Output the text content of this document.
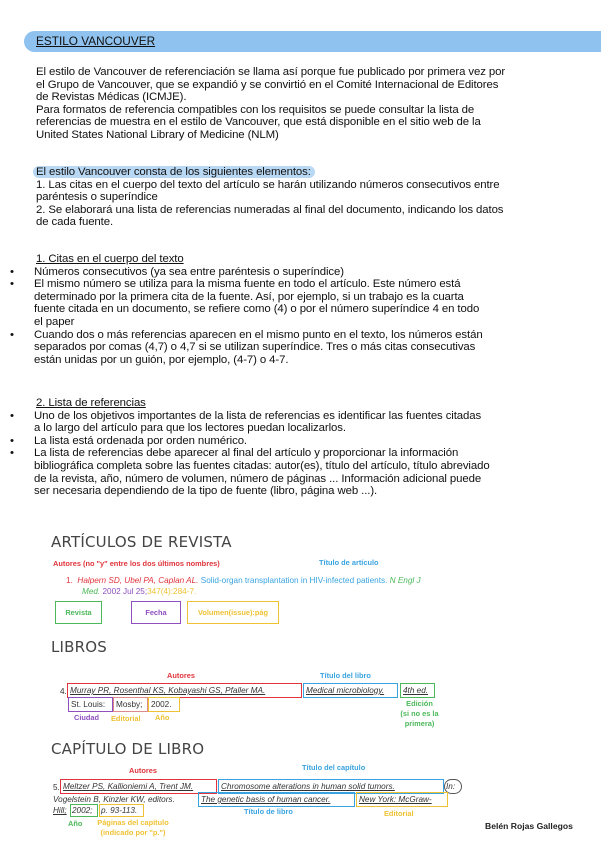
ESTILO VANCOUVER
El estilo de Vancouver de referenciación se llama así porque fue publicado por primera vez por
el Grupo de Vancouver, que se expandió y se convirtió en el Comité Internacional de Editores
de Revistas Médicas (ICMJE).
Para formatos de referencia compatibles con los requisitos se puede consultar la lista de
referencias de muestra en el estilo de Vancouver, que está disponible en el sitio web de la
United States National Library of Medicine (NLM)
El estilo Vancouver consta de los siguientes elementos:
1. Las citas en el cuerpo del texto del artículo se harán utilizando números consecutivos entre
paréntesis o superíndice
2. Se elaborará una lista de referencias numeradas al final del documento, indicando los datos
de cada fuente.
1. Citas en el cuerpo del texto
• Números consecutivos (ya sea entre paréntesis o superíndice)
• El mismo número se utiliza para la misma fuente en todo el artículo. Este número está
determinado por la primera cita de la fuente. Así, por ejemplo, si un trabajo es la cuarta
fuente citada en un documento, se refiere como (4) o por el número superíndice 4 en todo
el paper
• Cuando dos o más referencias aparecen en el mismo punto en el texto, los números están
separados por comas (4,7) o 4,7 si se utilizan superíndice. Tres o más citas consecutivas
están unidas por un guión, por ejemplo, (4-7) o 4-7.
2. Lista de referencias
• Uno de los objetivos importantes de la lista de referencias es identificar las fuentes citadas
a lo largo del artículo para que los lectores puedan localizarlos.
• La lista está ordenada por orden numérico.
• La lista de referencias debe aparecer al final del artículo y proporcionar la información
bibliográfica completa sobre las fuentes citadas: autor(es), título del artículo, título abreviado
de la revista, año, número de volumen, número de páginas ... Información adicional puede
ser necesaria dependiendo de la tipo de fuente (libro, página web ...).
ARTÍCULOS DE REVISTA
Autores (no "y" entre los dos últimos nombres)	Título de artículo
1. Halpern SD, Ubel PA, Caplan AL. Solid-organ transplantation in HIV-infected patients. N Engl J
Med. 2002 Jul 25;347(4):284-7.
Revista	Fecha	Volumen(issue):pág
LIBROS
Autores	Título del libro
4. Murray PR, Rosenthal KS, Kobayashi GS, Pfaller MA.	Medical microbiology. 4th ed.
St. Louis: Mosby; 2002.
Ciudad Editorial Año
Edición
(si no es la
primera)
CAPÍTULO DE LIBRO
Autores	Título del capítulo
5. Meltzer PS, Kallioniemi A, Trent JM.	Chromosome alterations in human solid tumors.	In:
Vogelstein B, Kinzler KW, editors.	The genetic basis of human cancer.	New York: McGraw-
Hill; 2002; p. 93-113.	Título de libro	Editorial
Año	Páginas del capítulo
(indicado por "p.")
Belén Rojas Gallegos
